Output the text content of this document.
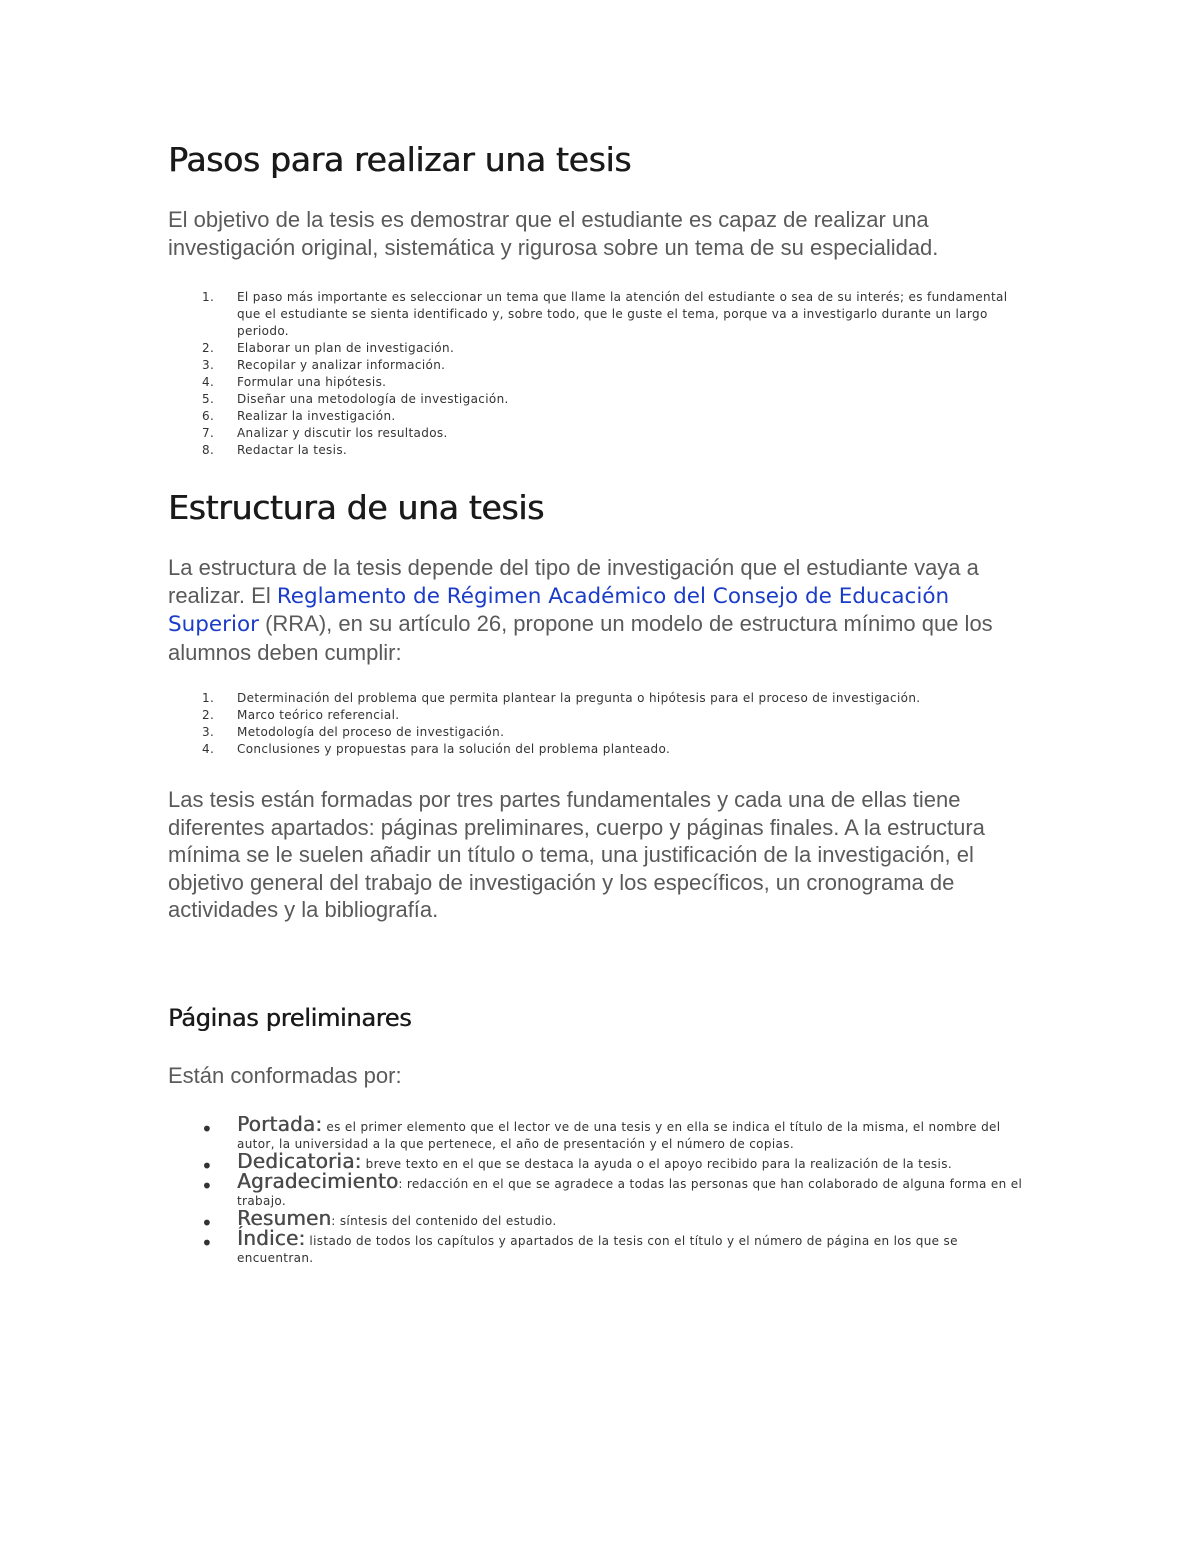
Pasos para realizar una tesis

El objetivo de la tesis es demostrar que el estudiante es capaz de realizar una investigación original, sistemática y rigurosa sobre un tema de su especialidad.

1. El paso más importante es seleccionar un tema que llame la atención del estudiante o sea de su interés; es fundamental que el estudiante se sienta identificado y, sobre todo, que le guste el tema, porque va a investigarlo durante un largo periodo.
2. Elaborar un plan de investigación.
3. Recopilar y analizar información.
4. Formular una hipótesis.
5. Diseñar una metodología de investigación.
6. Realizar la investigación.
7. Analizar y discutir los resultados.
8. Redactar la tesis.
Estructura de una tesis

La estructura de la tesis depende del tipo de investigación que el estudiante vaya a realizar. El Reglamento de Régimen Académico del Consejo de Educación Superior (RRA), en su artículo 26, propone un modelo de estructura mínimo que los alumnos deben cumplir:

1. Determinación del problema que permita plantear la pregunta o hipótesis para el proceso de investigación.
2. Marco teórico referencial.
3. Metodología del proceso de investigación.
4. Conclusiones y propuestas para la solución del problema planteado.

Las tesis están formadas por tres partes fundamentales y cada una de ellas tiene diferentes apartados: páginas preliminares, cuerpo y páginas finales. A la estructura mínima se le suelen añadir un título o tema, una justificación de la investigación, el objetivo general del trabajo de investigación y los específicos, un cronograma de actividades y la bibliografía.

Páginas preliminares

Están conformadas por:

• Portada: es el primer elemento que el lector ve de una tesis y en ella se indica el título de la misma, el nombre del autor, la universidad a la que pertenece, el año de presentación y el número de copias.
• Dedicatoria: breve texto en el que se destaca la ayuda o el apoyo recibido para la realización de la tesis.
• Agradecimiento: redacción en el que se agradece a todas las personas que han colaborado de alguna forma en el trabajo.
• Resumen: síntesis del contenido del estudio.
• Índice: listado de todos los capítulos y apartados de la tesis con el título y el número de página en los que se encuentran.
